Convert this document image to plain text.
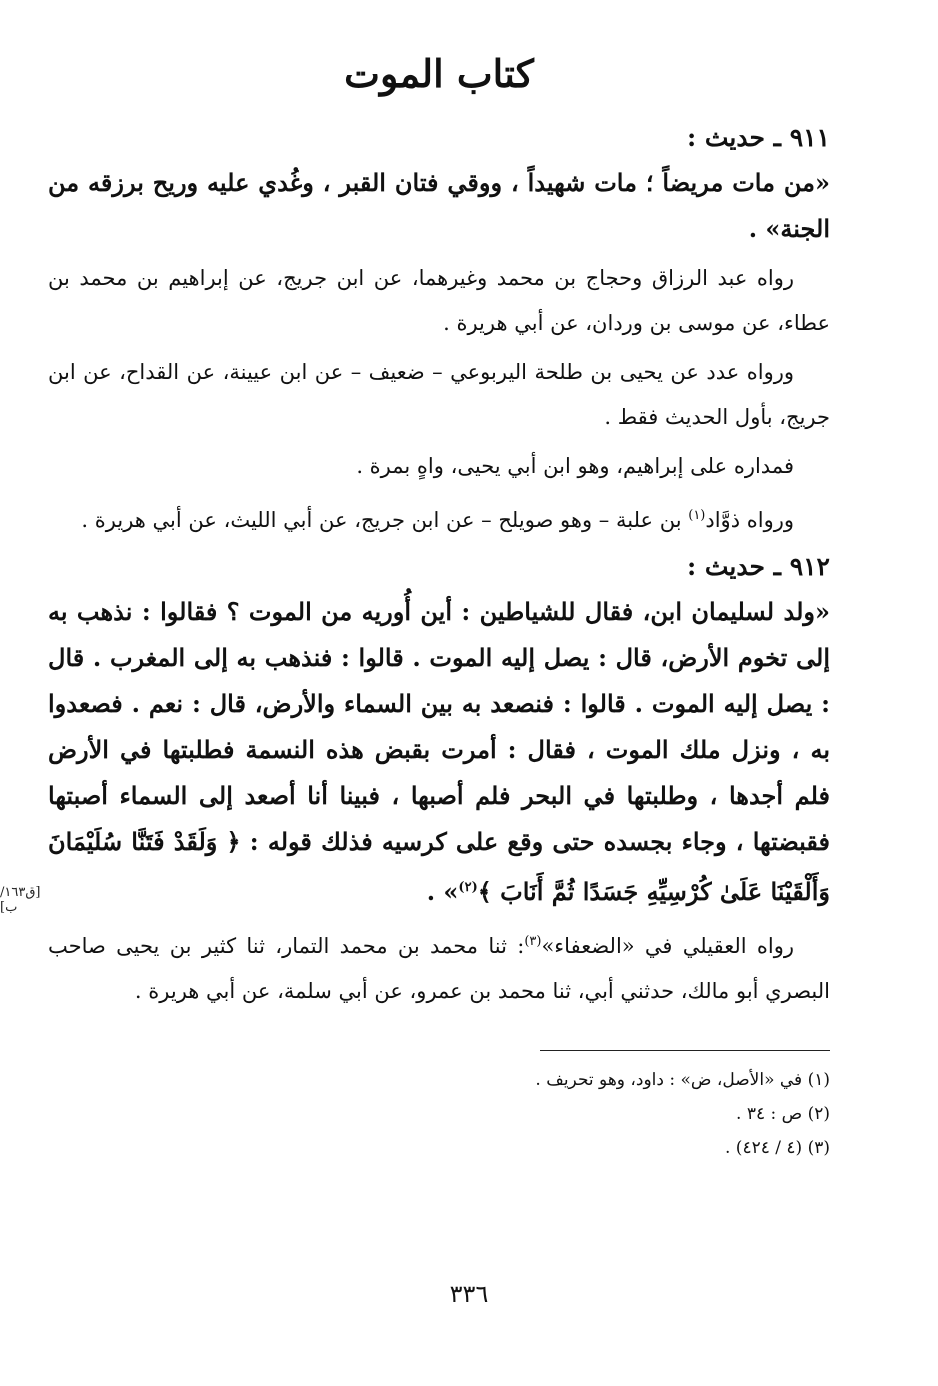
كتاب الموت
٩١١ ـ حديث :
«من مات مريضاً ؛ مات شهيداً ، ووقي فتان القبر ، وغُدي عليه وريح برزقه من الجنة» .
رواه عبد الرزاق وحجاج بن محمد وغيرهما، عن ابن جريج، عن إبراهيم بن محمد بن عطاء، عن موسى بن وردان، عن أبي هريرة .
ورواه عدد عن يحيى بن طلحة اليربوعي – ضعيف – عن ابن عيينة، عن القداح، عن ابن جريج، بأول الحديث فقط .
فمداره على إبراهيم، وهو ابن أبي يحيى، واهٍ بمرة .
ورواه ذوَّاد$^{(١)}$ بن علبة – وهو صويلح – عن ابن جريج، عن أبي الليث، عن أبي هريرة .
٩١٢ ـ حديث :
«ولد لسليمان ابن، فقال للشياطين : أين أُوريه من الموت ؟ فقالوا : نذهب به إلى تخوم الأرض، قال : يصل إليه الموت . قالوا : فنذهب به إلى المغرب . قال : يصل إليه الموت . قالوا : فنصعد به بين السماء والأرض، قال : نعم . فصعدوا به ، ونزل ملك الموت ، فقال : أمرت بقبض هذه النسمة فطلبتها في الأرض فلم أجدها ، وطلبتها في البحر فلم أصبها ، فبينا أنا أصعد إلى السماء أصبتها فقبضتها ، وجاء بجسده حتى وقع على كرسيه فذلك قوله : ﴿ وَلَقَدْ فَتَنَّا سُلَيْمَانَ وَأَلْقَيْنَا عَلَىٰ كُرْسِيِّهِ جَسَدًا ثُمَّ أَنَابَ ﴾$^{(٢)}$» .
رواه العقيلي في «الضعفاء»$^{(٣)}$: ثنا محمد بن محمد التمار، ثنا كثير بن يحيى صاحب البصري أبو مالك، حدثني أبي، ثنا محمد بن عمرو، عن أبي سلمة، عن أبي هريرة .
[ق١٦٣/ب]
(١) في «الأصل، ض» : داود، وهو تحريف .
(٢) ص : ٣٤ .
(٣) (٤ / ٤٢٤) .
٣٣٦
